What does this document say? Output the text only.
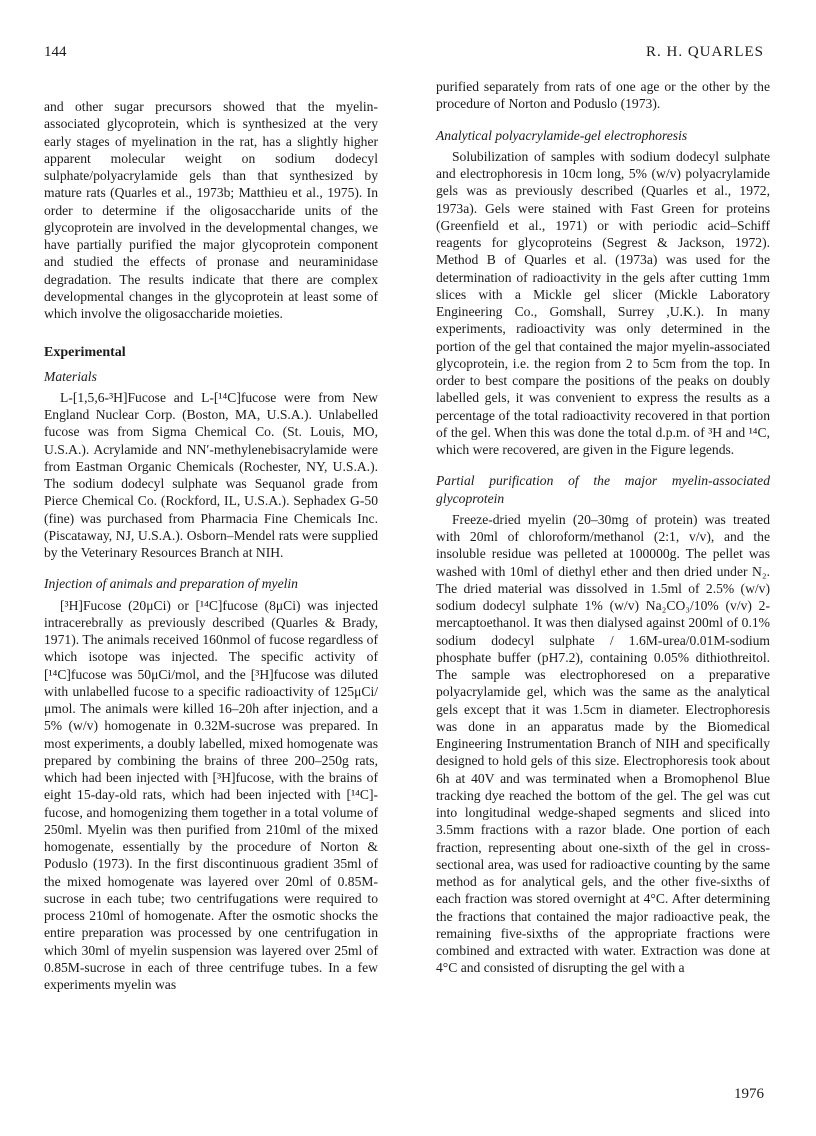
144	R. H. QUARLES

and other sugar precursors showed that the myelin-associated glycoprotein, which is synthesized at the very early stages of myelination in the rat, has a slightly higher apparent molecular weight on sodium dodecyl sulphate/polyacrylamide gels than that synthesized by mature rats (Quarles et al., 1973b; Matthieu et al., 1975). In order to determine if the oligosaccharide units of the glycoprotein are involved in the developmental changes, we have partially purified the major glycoprotein component and studied the effects of pronase and neuraminidase degradation. The results indicate that there are complex developmental changes in the glycoprotein at least some of which involve the oligosaccharide moieties.

Experimental
Materials

L-[1,5,6-³H]Fucose and L-[¹⁴C]fucose were from New England Nuclear Corp. (Boston, MA, U.S.A.). Unlabelled fucose was from Sigma Chemical Co. (St. Louis, MO, U.S.A.). Acrylamide and NN′-methylenebisacrylamide were from Eastman Organic Chemicals (Rochester, NY, U.S.A.). The sodium dodecyl sulphate was Sequanol grade from Pierce Chemical Co. (Rockford, IL, U.S.A.). Sephadex G-50 (fine) was purchased from Pharmacia Fine Chemicals Inc. (Piscataway, NJ, U.S.A.). Osborn–Mendel rats were supplied by the Veterinary Resources Branch at NIH.

Injection of animals and preparation of myelin

[³H]Fucose (20μCi) or [¹⁴C]fucose (8μCi) was injected intracerebrally as previously described (Quarles & Brady, 1971). The animals received 160nmol of fucose regardless of which isotope was injected. The specific activity of [¹⁴C]fucose was 50μCi/mol, and the [³H]fucose was diluted with unlabelled fucose to a specific radioactivity of 125μCi/μmol. The animals were killed 16–20h after injection, and a 5% (w/v) homogenate in 0.32M-sucrose was prepared. In most experiments, a doubly labelled, mixed homogenate was prepared by combining the brains of three 200–250g rats, which had been injected with [³H]fucose, with the brains of eight 15-day-old rats, which had been injected with [¹⁴C]-fucose, and homogenizing them together in a total volume of 250ml. Myelin was then purified from 210ml of the mixed homogenate, essentially by the procedure of Norton & Poduslo (1973). In the first discontinuous gradient 35ml of the mixed homogenate was layered over 20ml of 0.85M-sucrose in each tube; two centrifugations were required to process 210ml of homogenate. After the osmotic shocks the entire preparation was processed by one centrifugation in which 30ml of myelin suspension was layered over 25ml of 0.85M-sucrose in each of three centrifuge tubes. In a few experiments myelin was

purified separately from rats of one age or the other by the procedure of Norton and Poduslo (1973).

Analytical polyacrylamide-gel electrophoresis

Solubilization of samples with sodium dodecyl sulphate and electrophoresis in 10cm long, 5% (w/v) polyacrylamide gels was as previously described (Quarles et al., 1972, 1973a). Gels were stained with Fast Green for proteins (Greenfield et al., 1971) or with periodic acid–Schiff reagents for glycoproteins (Segrest & Jackson, 1972). Method B of Quarles et al. (1973a) was used for the determination of radioactivity in the gels after cutting 1mm slices with a Mickle gel slicer (Mickle Laboratory Engineering Co., Gomshall, Surrey ,U.K.). In many experiments, radioactivity was only determined in the portion of the gel that contained the major myelin-associated glycoprotein, i.e. the region from 2 to 5cm from the top. In order to best compare the positions of the peaks on doubly labelled gels, it was convenient to express the results as a percentage of the total radioactivity recovered in that portion of the gel. When this was done the total d.p.m. of ³H and ¹⁴C, which were recovered, are given in the Figure legends.

Partial purification of the major myelin-associated glycoprotein

Freeze-dried myelin (20–30mg of protein) was treated with 20ml of chloroform/methanol (2:1, v/v), and the insoluble residue was pelleted at 100000g. The pellet was washed with 10ml of diethyl ether and then dried under N₂. The dried material was dissolved in 1.5ml of 2.5% (w/v) sodium dodecyl sulphate 1% (w/v) Na₂CO₃/10% (v/v) 2-mercaptoethanol. It was then dialysed against 200ml of 0.1% sodium dodecyl sulphate / 1.6M-urea/0.01M-sodium phosphate buffer (pH7.2), containing 0.05% dithiothreitol. The sample was electrophoresed on a preparative polyacrylamide gel, which was the same as the analytical gels except that it was 1.5cm in diameter. Electrophoresis was done in an apparatus made by the Biomedical Engineering Instrumentation Branch of NIH and specifically designed to hold gels of this size. Electrophoresis took about 6h at 40V and was terminated when a Bromophenol Blue tracking dye reached the bottom of the gel. The gel was cut into longitudinal wedge-shaped segments and sliced into 3.5mm fractions with a razor blade. One portion of each fraction, representing about one-sixth of the gel in cross-sectional area, was used for radioactive counting by the same method as for analytical gels, and the other five-sixths of each fraction was stored overnight at 4°C. After determining the fractions that contained the major radioactive peak, the remaining five-sixths of the appropriate fractions were combined and extracted with water. Extraction was done at 4°C and consisted of disrupting the gel with a

1976
